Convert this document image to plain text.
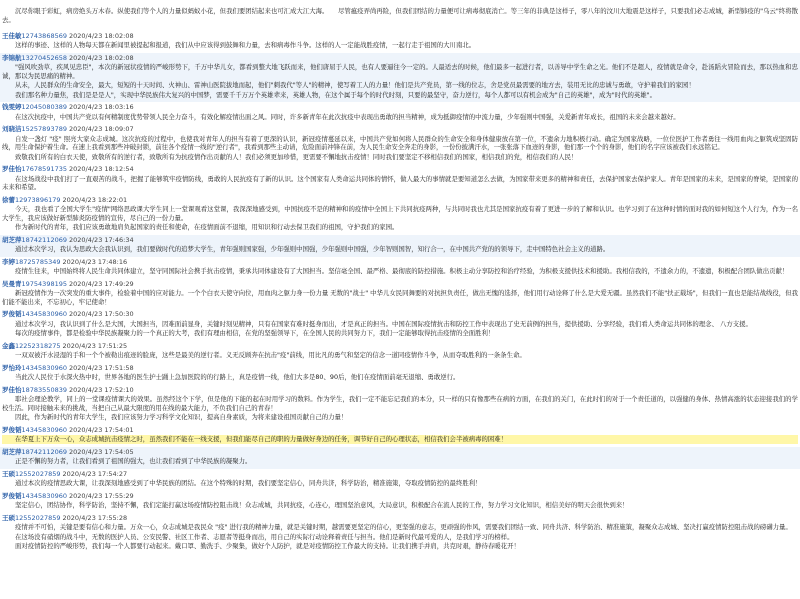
沉尽你眼于彩虹，病房绝头万木春。纵使我们等个人的力量似蚂蚁小花，但我们要团结起来也可汇成大江大海。　　尽管瘟疫弄尚再险，但我们团结的力量便可让病毒彻底消亡。等三年的非典是这样子，零八年的汶川大地震是这样子，只要我们必志成城，新型肺疫的"乌云"终将散去。

王佳敏12743868569 2020/4/23 18:02:08

这样的事迹、这样的人物每天都在新闻里被提起和报道，我们从中应该得到鼓舞和力量，去和病毒作斗争。这样的人一定能战胜疫情，一起行走于祖国的大川南北。

李锦航13270452658 2020/4/23 18:02:08

"强风吹劲草，疾风见忠臣"，本次的新冠状疫情的严峻形势下，千万中华儿女，都看到整大地飞跃而来，他们唐屈于人民，也有人要逼往今一定的。人最适去的时候，他们最多一起进行者，以善导中学生命之光。他们不是超人，疫情就是命令，赴汤蹈火冒险而去，那以热血和忠诚，那以为民思痛的精神。

从未，人民群众的生命安全，最大，短短的十天时间、火神山、雷神山医院拔地而起，他们"刺我代"等人"的精神，使写着工人的力量！他们是共产党员，第一线的位志，舍是党员最需要的地方去，装用无比的忠诚与勇敢，守护着我们的家园！

我们那名种力量焦，我们是是是人"，实现中华民族伟大复兴的中国梦，需要千千万万个英雄辈来，英雄人物，在这个属于每个的时代时刻，只要的最坚守，奋力逆行，每个人都可以有机会成为"自己的英雄"，成为"时代的英雄"。

钱雯婷12045080389 2020/4/23 18:03:16

在这次抗疫中，中国共产党以有何精制度优势带领人民全力奋斗，有效化解疫情出面之风。同时，许多新青年在此次抗疫中表现出勇敢的担当精神，成为抵御疫情的中流力量，少年强则中国强，关爱新青年成长，祖国的未来会越来越好。

刘晓洁15257893789 2020/4/23 18:09:07

自发一盏灯 "疫" 照亮大家众志成城。这次抗疫的过程中，也使我对青年人的担当有着了更深的认识，新冠疫情蔓延以来，中国共产党如何将人民群众的生命安全和身体健康放在第一位，不遗余力地积极行动。确定为国家战略，一位位医护工作者勇往一线用血肉之躯筑成坚固防线，用生命保护着生命。在速上我看到那些冲破封锁，前往各个疫情一线的"逆行者"，我看到那些主动请，危险面前冲锋在前，为人民生命安全奔走的身影，一份份披满汗水，一张张落下血迹的身影，他们那一个个的身影，他们的名字应该被我们永远铭记。

致敬我们所有的白衣天使，致敬所有的逆行者，致敬所有为抗疫情作出贡献的人！我们必须更加珍惜，更需要不懈地抗击疫情！同时我们要坚定不移相信我们的国家，相信我们的党，相信我们的人民！

罗佳怡17678591735 2020/4/23 18:12:54

在这场战役中我们打了一直艰苦的战斗，把握了能够筑牢疫情防线，勇敢的人民抗疫有了新的认识。这个国家有人类命运共同体的情怀，做人最大的事情就是要知道怎么去做，为国家带来更多的精神和责任，去保护国家去保护家人。青年是国家的未来，是国家的脊梁，是国家的未来和希望。

徐蕾12973896179 2020/4/23 18:22:01

今天，我也看了全国大学生"疫情"网络思政课大学生同上一堂课观看这堂课，我深深地感受到，中国抗疫不是的精神和的疫情中全国上下共同抗疫两种，与共同时我也尤其是国家抗疫有着了更进一步的了解和认识。也学习到了在这种时情的面对我的如何短这个人行为，作为一名大学生，我应该做好新型肺炎防疫情的宣传，尽自己的一份力量。

作为新时代的青年，我们应该勇敢地肩负起国家的责任和使命，在疫情面前不退缩，用知识和行动去保卫我们的祖国，守护我们的家园。

胡芝萍18742112069 2020/4/23 17:46:34

通过本次学习，我认为思政大会我认识到，我们要做时代的追梦大学生，青年强则国家强，少年强则中国强，少年强则中国强，少年智则国智，知行合一，在中国共产党的的领导下，走中国特色社会主义的道路。

李婷18725785349 2020/4/23 17:48:16

疫情生往来，中国始终将人民生命共同体建立，坚守同国际社会携手抗击疫情，秉承共同体建设有了大国担当。坚信毫全国、最严格、最彻底的防控措施。积极主动分享防控和治疗经验，为积极支援供技术和援助。我相信我的，不遗余力的，不遗遗，积极配合团队做出贡献！

吴曼青19754398195 2020/4/23 17:49:29

新冠疫情作为一次突发的重大事件，检验着中国的应对能力。一个个白衣天使守向位，用血肉之躯力身一份力量 无数的"战士" 中华儿女民同舞要的对抗担负责任，做出无愧的选择，他们用行动诠释了什么是大爱无疆。虽然我们不能"扶正载场"，但我们一直也是能结战线役，但我们能不能出来，不忘初心，牢记使命！

罗俊韬14345830960 2020/4/23 17:50:30

通过本次学习，我认识到了什么是大国，大国担当，因难面前显身，关键时刻见精神，只有在国家有难时挺身而出，才是真正的担当。中国在国际疫情抗击和防控工作中表现出了史无前例的担当，提供援助、分享经验，我们看人类命运共同体的理念、 八方支援。

每次的疫情事件，都是检验中华民族凝聚力的一个真正的大考，我们有理由相信，在党的坚强领导下，在全国人民的共同努力下，我们一定能够取得抗击疫情的全面胜利！

金鑫12252318275 2020/4/23 17:51:25

一双双被汗水浸湿的手和一个个被勒出痕迹的脸庞，这些是最美的逆行者。义无反顾奔在抗击"疫"前线，用比凡的勇气和坚定的信念一道同疫情作斗争，从而夺取胜利的一条条生命。

罗怡玲14345830960 2020/4/23 17:51:58

当此次人民位于水深火热中时，世界各地的医生护士踊上急加医院的的行路上，真是疫情一线，他们大多是80、90后，他们在疫情面前毫无退缩、勇敢逆行。

罗佳怡18783550839 2020/4/23 17:52:10

耶社会理论教学，同上的一堂课疫情课大的效果。虽然经这个下学，但是他的下能的起在时用学习的数料。作为学生，我们一定不能忘记我们的本分，只一样的只有像那些在病的方面，在我们的关门，在此时们的对于一个责任道的，以强健的身体、热情高涨的状态迎接我们的学校生活。同时接触未来的挑战，当把自己从最大限度的用在线的最大能力，不负我们自己的青春！

因此，作为新时代的青年大学生，我们应该努力学习科学文化知识，提高自身素质，为将来建设祖国贡献自己的力量！

罗俊韬14345830960 2020/4/23 17:54:01

在华夏上下万众一心，众志成城抗击疫情之时，虽然我们不能在一线支援，但我们能尽自己的职的力量做好身边的任务，调节好自己的心理状态，相信我们会半被病毒的困难！

胡芝萍18742112069 2020/4/23 17:54:05

正是不懈的努力者，让我们看到了祖国的强大，也让我们看到了中华民族的凝聚力。

王硕12552027859 2020/4/23 17:54:27

通过本次的疫情思政大课，让我深刻地感受到了中华民族的团结。在这个特殊的时期，我们要坚定信心，同舟共济，科学防治，精准施策，夺取疫情防控的最终胜利！

罗俊韬14345830960 2020/4/23 17:55:29

坚定信心，团结协作，科学防治，坚持不懈，我们定能打赢这场疫情防控阻击战！众志成城，共同抗疫，心连心，理国坚治意风，大局意识，积极配合在流人民的工作，努力学习文化知识，相信美好的明天会很快到来！

王硕12552027859 2020/4/23 17:55:28

疫情并不可怕，关键是要有信心和力量。万众一心，众志成城是我民众 "疫" 进行我的精神力量，就是关键时期，越需要更坚定的信心，更坚强的意志，更顽强的作风，需要我们团结一致、同舟共济、科学防治、精准施策，凝聚众志成城、坚决打赢疫情防控阻击战的磅礴力量。

在这场没有硝烟的战斗中，无数的医护人员、公安民警、社区工作者、志愿者等挺身而出，用自己的实际行动诠释着责任与担当。他们是新时代最可爱的人，是我们学习的榜样。

面对疫情防控的严峻形势，我们每一个人都要行动起来。戴口罩、勤洗手、少聚集，做好个人防护，就是对疫情防控工作最大的支持。让我们携手并肩，共克时艰，静待春暖花开！
